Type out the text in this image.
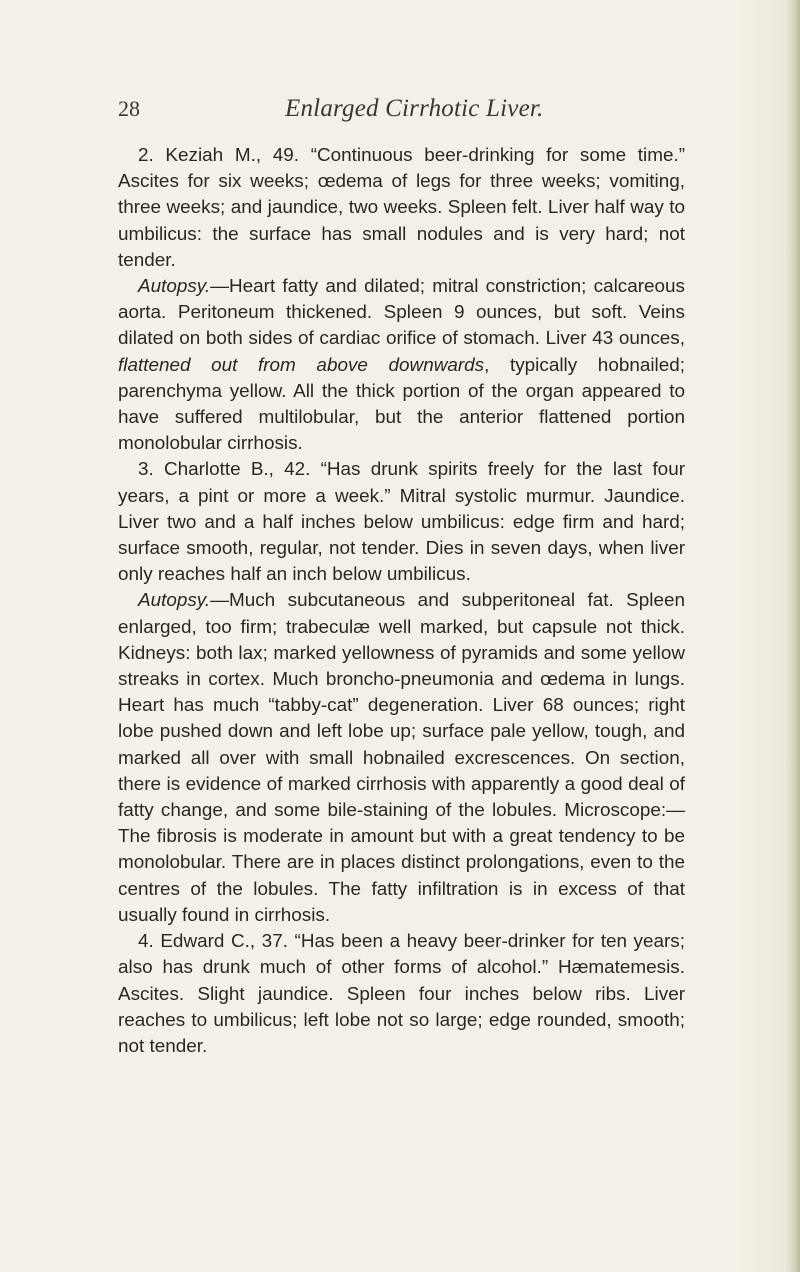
28	Enlarged Cirrhotic Liver.

2. Keziah M., 49. “Continuous beer-drinking for some time.” Ascites for six weeks; œdema of legs for three weeks; vomiting, three weeks; and jaundice, two weeks. Spleen felt. Liver half way to umbilicus: the surface has small nodules and is very hard; not tender.

Autopsy.—Heart fatty and dilated; mitral constriction; calcareous aorta. Peritoneum thickened. Spleen 9 ounces, but soft. Veins dilated on both sides of cardiac orifice of stomach. Liver 43 ounces, flattened out from above downwards, typically hobnailed; parenchyma yellow. All the thick portion of the organ appeared to have suffered multilobular, but the anterior flattened portion monolobular cirrhosis.

3. Charlotte B., 42. “Has drunk spirits freely for the last four years, a pint or more a week.” Mitral systolic murmur. Jaundice. Liver two and a half inches below umbilicus: edge firm and hard; surface smooth, regular, not tender. Dies in seven days, when liver only reaches half an inch below umbilicus.

Autopsy.—Much subcutaneous and subperitoneal fat. Spleen enlarged, too firm; trabeculæ well marked, but capsule not thick. Kidneys: both lax; marked yellowness of pyramids and some yellow streaks in cortex. Much broncho-pneumonia and œdema in lungs. Heart has much “tabby-cat” degeneration. Liver 68 ounces; right lobe pushed down and left lobe up; surface pale yellow, tough, and marked all over with small hobnailed excrescences. On section, there is evidence of marked cirrhosis with apparently a good deal of fatty change, and some bile-staining of the lobules. Microscope:—The fibrosis is moderate in amount but with a great tendency to be monolobular. There are in places distinct prolongations, even to the centres of the lobules. The fatty infiltration is in excess of that usually found in cirrhosis.

4. Edward C., 37. “Has been a heavy beer-drinker for ten years; also has drunk much of other forms of alcohol.” Hæmatemesis. Ascites. Slight jaundice. Spleen four inches below ribs. Liver reaches to umbilicus; left lobe not so large; edge rounded, smooth; not tender.
